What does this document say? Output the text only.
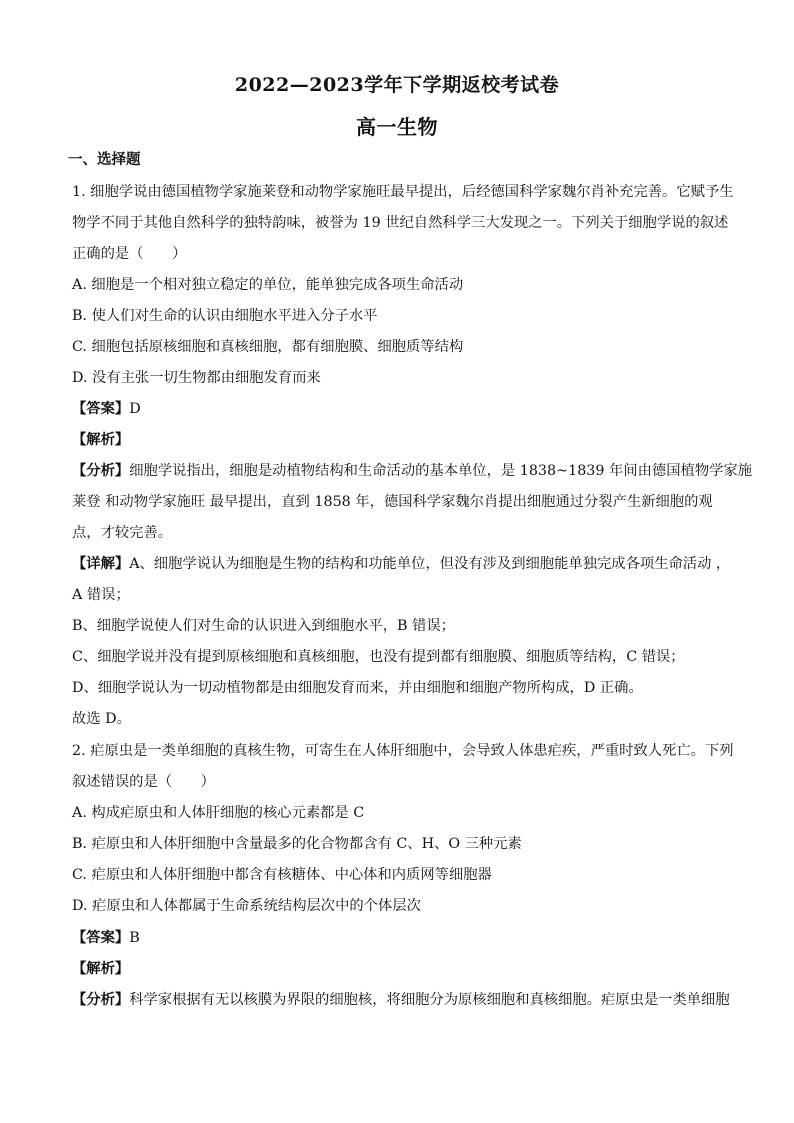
2022—2023学年下学期返校考试卷
高一生物
一、选择题
1. 细胞学说由德国植物学家施莱登和动物学家施旺最早提出，后经德国科学家魏尔肖补充完善。它赋予生
物学不同于其他自然科学的独特韵味，被誉为 19 世纪自然科学三大发现之一。下列关于细胞学说的叙述
正确的是（　　）
A. 细胞是一个相对独立稳定的单位，能单独完成各项生命活动
B. 使人们对生命的认识由细胞水平进入分子水平
C. 细胞包括原核细胞和真核细胞，都有细胞膜、细胞质等结构
D. 没有主张一切生物都由细胞发育而来
【答案】D
【解析】
【分析】细胞学说指出，细胞是动植物结构和生命活动的基本单位，是 1838~1839 年间由德国植物学家施
莱登 和动物学家施旺 最早提出，直到 1858 年，德国科学家魏尔肖提出细胞通过分裂产生新细胞的观
点，才较完善。
【详解】A、细胞学说认为细胞是生物的结构和功能单位，但没有涉及到细胞能单独完成各项生命活动 ，
A 错误；
B、细胞学说使人们对生命的认识进入到细胞水平，B 错误；
C、细胞学说并没有提到原核细胞和真核细胞，也没有提到都有细胞膜、细胞质等结构，C 错误；
D、细胞学说认为一切动植物都是由细胞发育而来，并由细胞和细胞产物所构成，D 正确。
故选 D。
2. 疟原虫是一类单细胞的真核生物，可寄生在人体肝细胞中，会导致人体患疟疾，严重时致人死亡。下列
叙述错误的是（　　）
A. 构成疟原虫和人体肝细胞的核心元素都是 C
B. 疟原虫和人体肝细胞中含量最多的化合物都含有 C、H、O 三种元素
C. 疟原虫和人体肝细胞中都含有核糖体、中心体和内质网等细胞器
D. 疟原虫和人体都属于生命系统结构层次中的个体层次
【答案】B
【解析】
【分析】科学家根据有无以核膜为界限的细胞核，将细胞分为原核细胞和真核细胞。疟原虫是一类单细胞
